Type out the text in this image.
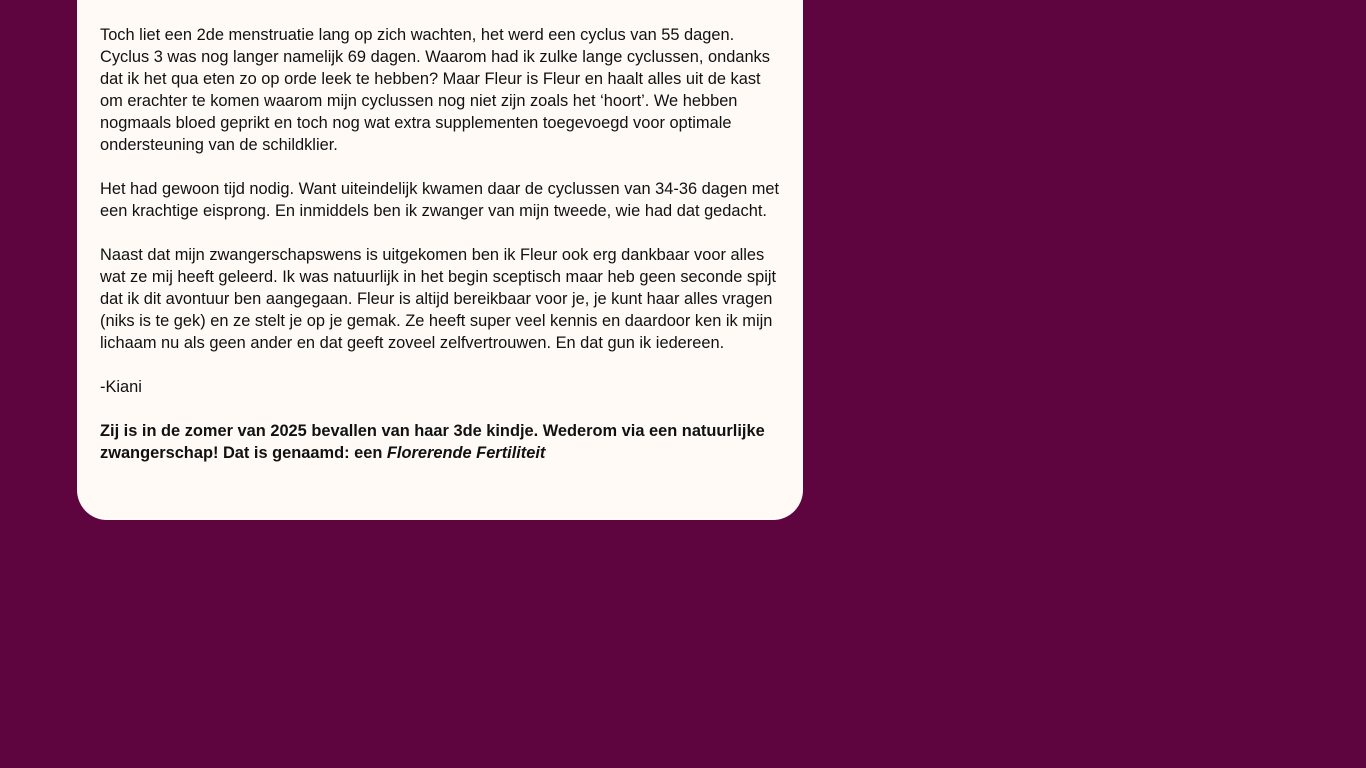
Toch liet een 2de menstruatie lang op zich wachten, het werd een cyclus van 55 dagen. Cyclus 3 was nog langer namelijk 69 dagen. Waarom had ik zulke lange cyclussen, ondanks dat ik het qua eten zo op orde leek te hebben? Maar Fleur is Fleur en haalt alles uit de kast om erachter te komen waarom mijn cyclussen nog niet zijn zoals het ‘hoort’. We hebben nogmaals bloed geprikt en toch nog wat extra supplementen toegevoegd voor optimale ondersteuning van de schildklier.

Het had gewoon tijd nodig. Want uiteindelijk kwamen daar de cyclussen van 34-36 dagen met een krachtige eisprong. En inmiddels ben ik zwanger van mijn tweede, wie had dat gedacht.

Naast dat mijn zwangerschapswens is uitgekomen ben ik Fleur ook erg dankbaar voor alles wat ze mij heeft geleerd. Ik was natuurlijk in het begin sceptisch maar heb geen seconde spijt dat ik dit avontuur ben aangegaan. Fleur is altijd bereikbaar voor je, je kunt haar alles vragen (niks is te gek) en ze stelt je op je gemak. Ze heeft super veel kennis en daardoor ken ik mijn lichaam nu als geen ander en dat geeft zoveel zelfvertrouwen. En dat gun ik iedereen.

-Kiani

Zij is in de zomer van 2025 bevallen van haar 3de kindje. Wederom via een natuurlijke zwangerschap! Dat is genaamd: een Florerende Fertiliteit
